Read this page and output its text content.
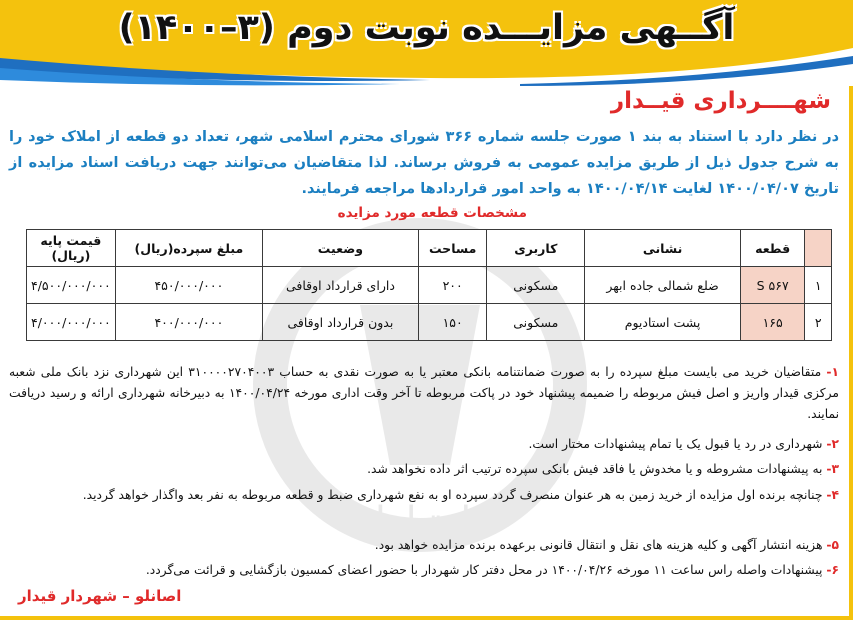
آگــهی مزایـــده نوبت دوم (۳–۱۴۰۰)
ارتباط
شهــــرداری قیــدار
در نظر دارد با استناد به بند ۱ صورت جلسه شماره ۳۶۶ شورای محترم اسلامی شهر، تعداد دو قطعه از املاک خود را به شرح جدول ذیل از طریق مزایده عمومی به فروش برساند. لذا متقاضیان می‌توانند جهت دریافت اسناد مزایده از تاریخ ۱۴۰۰/۰۴/۰۷ لغایت ۱۴۰۰/۰۴/۱۴ به واحد امور قراردادها مراجعه فرمایند.
مشخصات قطعه مورد مزایده
	قطعه	نشانی	کاربری	مساحت	وضعیت	مبلغ سپرده(ریال)	قیمت پایه (ریال)
۱	۵۶۷ S	ضلع شمالی جاده ابهر	مسکونی	۲۰۰	دارای قرارداد اوقافی	۴۵۰/۰۰۰/۰۰۰	۴/۵۰۰/۰۰۰/۰۰۰
۲	۱۶۵	پشت استادیوم	مسکونی	۱۵۰	بدون قرارداد اوقافی	۴۰۰/۰۰۰/۰۰۰	۴/۰۰۰/۰۰۰/۰۰۰
۱- متقاضیان خرید می بایست مبلغ سپرده را به صورت ضمانتنامه بانکی معتبر یا به صورت نقدی به حساب ۳۱۰۰۰۰۲۷۰۴۰۰۳ این شهرداری نزد بانک ملی شعبه مرکزی قیدار واریز و اصل فیش مربوطه را ضمیمه پیشنهاد خود در پاکت مربوطه تا آخر وقت اداری مورخه ۱۴۰۰/۰۴/۲۴ به دبیرخانه شهرداری ارائه و رسید دریافت نمایند.
۲- شهرداری در رد یا قبول یک یا تمام پیشنهادات مختار است.
۳- به پیشنهادات مشروطه و یا مخدوش یا فاقد فیش بانکی سپرده ترتیب اثر داده نخواهد شد.
۴- چنانچه برنده اول مزایده از خرید زمین به هر عنوان منصرف گردد سپرده او به نفع شهرداری ضبط و قطعه مربوطه به نفر بعد واگذار خواهد گردید.
۵- هزینه انتشار آگهی و کلیه هزینه های نقل و انتقال قانونی برعهده برنده مزایده خواهد بود.
۶- پیشنهادات واصله راس ساعت ۱۱ مورخه ۱۴۰۰/۰۴/۲۶ در محل دفتر کار شهردار با حضور اعضای کمسیون بازگشایی و قرائت می‌گردد.
اصانلو – شهردار قیدار
